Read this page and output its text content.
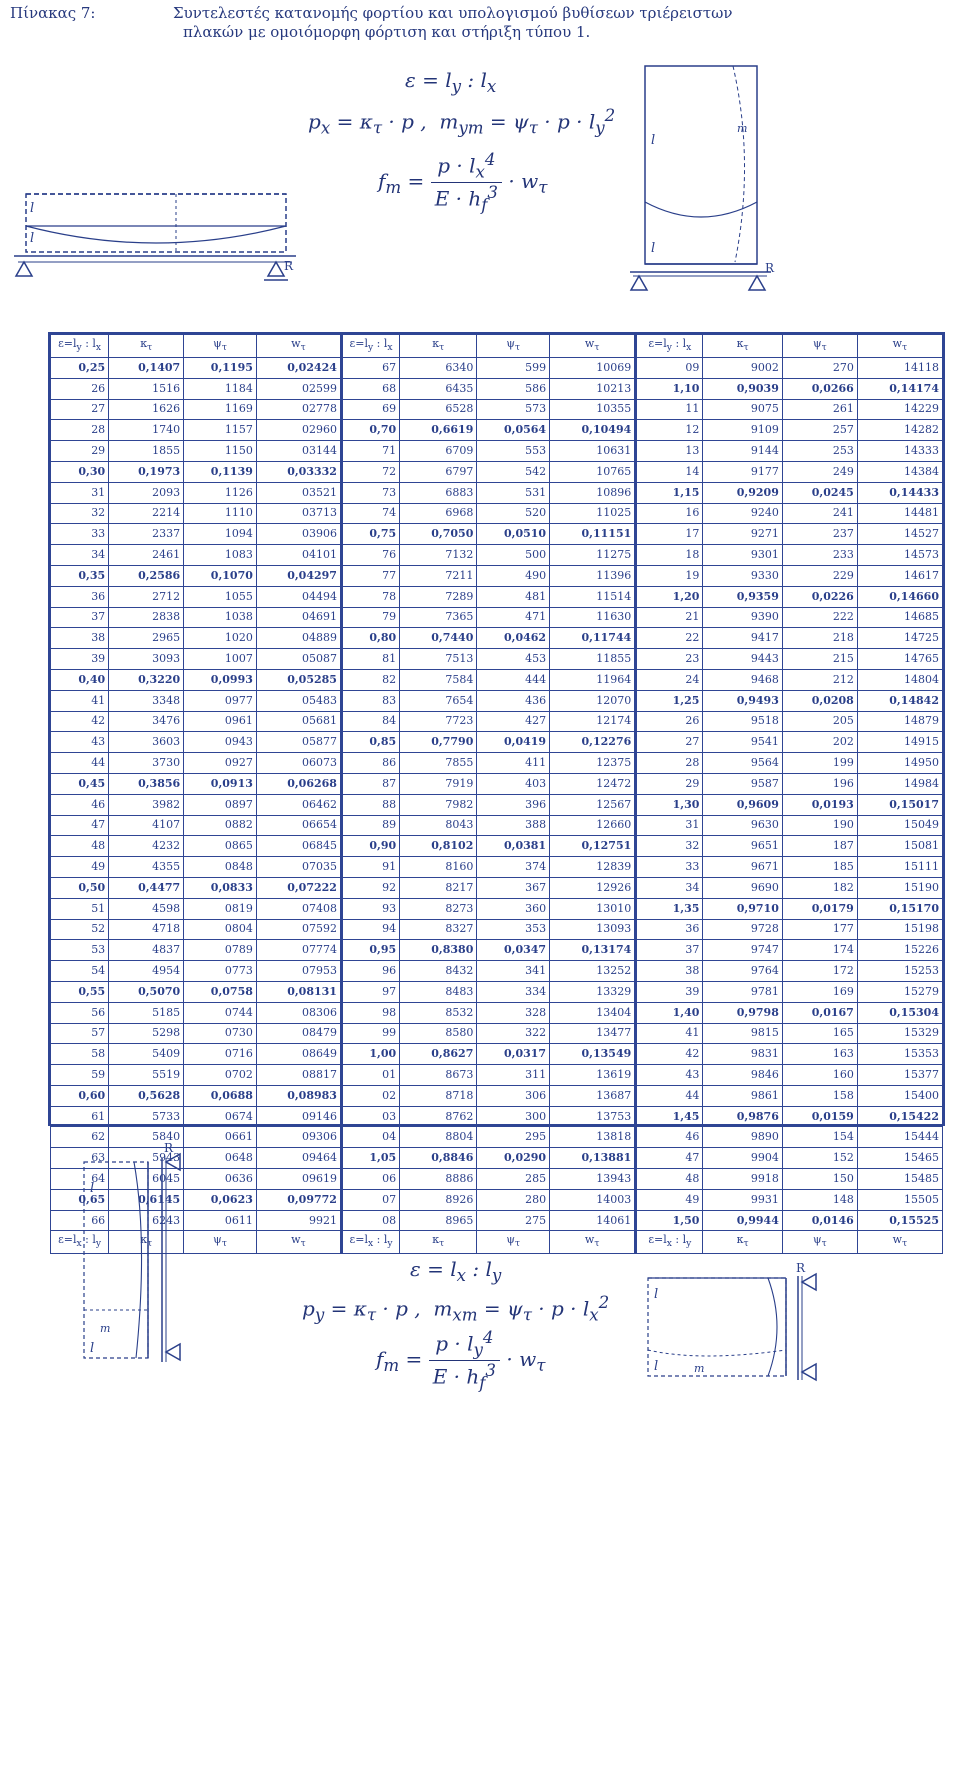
Πίνακας 7:	Συντελεστές κατανομής φορτίου και υπολογισμού βυθίσεων τριέρειστων
πλακών με ομοιόμορφη φόρτιση και στήριξη τύπου 1.
$\varepsilon = l_y$ : $l_x$
$p_x = \kappa_\tau \cdot p$ ,  $m_{ym} = \psi_\tau \cdot p \cdot l_y^2$
$f_m = \frac{p \cdot l_x^4}{E \cdot h_f^3} \cdot w_\tau$
l
l
R
l
l
R
m
$\varepsilon=l_y$ : $l_x$	$\kappa_\tau$	$\psi_\tau$	$w_\tau$	$\varepsilon=l_y$ : $l_x$	$\kappa_\tau$	$\psi_\tau$	$w_\tau$	$\varepsilon=l_y$ : $l_x$	$\kappa_\tau$	$\psi_\tau$	$w_\tau$
0,25	0,1407	0,1195	0,02424	67	6340	599	10069	09	9002	270	14118
26	1516	1184	02599	68	6435	586	10213	1,10	0,9039	0,0266	0,14174
27	1626	1169	02778	69	6528	573	10355	11	9075	261	14229
28	1740	1157	02960	0,70	0,6619	0,0564	0,10494	12	9109	257	14282
29	1855	1150	03144	71	6709	553	10631	13	9144	253	14333
0,30	0,1973	0,1139	0,03332	72	6797	542	10765	14	9177	249	14384
31	2093	1126	03521	73	6883	531	10896	1,15	0,9209	0,0245	0,14433
32	2214	1110	03713	74	6968	520	11025	16	9240	241	14481
33	2337	1094	03906	0,75	0,7050	0,0510	0,11151	17	9271	237	14527
34	2461	1083	04101	76	7132	500	11275	18	9301	233	14573
0,35	0,2586	0,1070	0,04297	77	7211	490	11396	19	9330	229	14617
36	2712	1055	04494	78	7289	481	11514	1,20	0,9359	0,0226	0,14660
37	2838	1038	04691	79	7365	471	11630	21	9390	222	14685
38	2965	1020	04889	0,80	0,7440	0,0462	0,11744	22	9417	218	14725
39	3093	1007	05087	81	7513	453	11855	23	9443	215	14765
0,40	0,3220	0,0993	0,05285	82	7584	444	11964	24	9468	212	14804
41	3348	0977	05483	83	7654	436	12070	1,25	0,9493	0,0208	0,14842
42	3476	0961	05681	84	7723	427	12174	26	9518	205	14879
43	3603	0943	05877	0,85	0,7790	0,0419	0,12276	27	9541	202	14915
44	3730	0927	06073	86	7855	411	12375	28	9564	199	14950
0,45	0,3856	0,0913	0,06268	87	7919	403	12472	29	9587	196	14984
46	3982	0897	06462	88	7982	396	12567	1,30	0,9609	0,0193	0,15017
47	4107	0882	06654	89	8043	388	12660	31	9630	190	15049
48	4232	0865	06845	0,90	0,8102	0,0381	0,12751	32	9651	187	15081
49	4355	0848	07035	91	8160	374	12839	33	9671	185	15111
0,50	0,4477	0,0833	0,07222	92	8217	367	12926	34	9690	182	15190
51	4598	0819	07408	93	8273	360	13010	1,35	0,9710	0,0179	0,15170
52	4718	0804	07592	94	8327	353	13093	36	9728	177	15198
53	4837	0789	07774	0,95	0,8380	0,0347	0,13174	37	9747	174	15226
54	4954	0773	07953	96	8432	341	13252	38	9764	172	15253
0,55	0,5070	0,0758	0,08131	97	8483	334	13329	39	9781	169	15279
56	5185	0744	08306	98	8532	328	13404	1,40	0,9798	0,0167	0,15304
57	5298	0730	08479	99	8580	322	13477	41	9815	165	15329
58	5409	0716	08649	1,00	0,8627	0,0317	0,13549	42	9831	163	15353
59	5519	0702	08817	01	8673	311	13619	43	9846	160	15377
0,60	0,5628	0,0688	0,08983	02	8718	306	13687	44	9861	158	15400
61	5733	0674	09146	03	8762	300	13753	1,45	0,9876	0,0159	0,15422
62	5840	0661	09306	04	8804	295	13818	46	9890	154	15444
63	5943	0648	09464	1,05	0,8846	0,0290	0,13881	47	9904	152	15465
64	6045	0636	09619	06	8886	285	13943	48	9918	150	15485
0,65	0,6145	0,0623	0,09772	07	8926	280	14003	49	9931	148	15505
66	6243	0611	9921	08	8965	275	14061	1,50	0,9944	0,0146	0,15525
$\varepsilon=l_x$ : $l_y$	$\kappa_\tau$	$\psi_\tau$	$w_\tau$	$\varepsilon=l_x$ : $l_y$	$\kappa_\tau$	$\psi_\tau$	$w_\tau$	$\varepsilon=l_x$ : $l_y$	$\kappa_\tau$	$\psi_\tau$	$w_\tau$
l
l
m
R
$\varepsilon = l_x$ : $l_y$
$p_y = \kappa_\tau \cdot p$ ,  $m_{xm} = \psi_\tau \cdot p \cdot l_x^2$
$f_m = \frac{p \cdot l_y^4}{E \cdot h_f^3} \cdot w_\tau$
l
l	m
R
